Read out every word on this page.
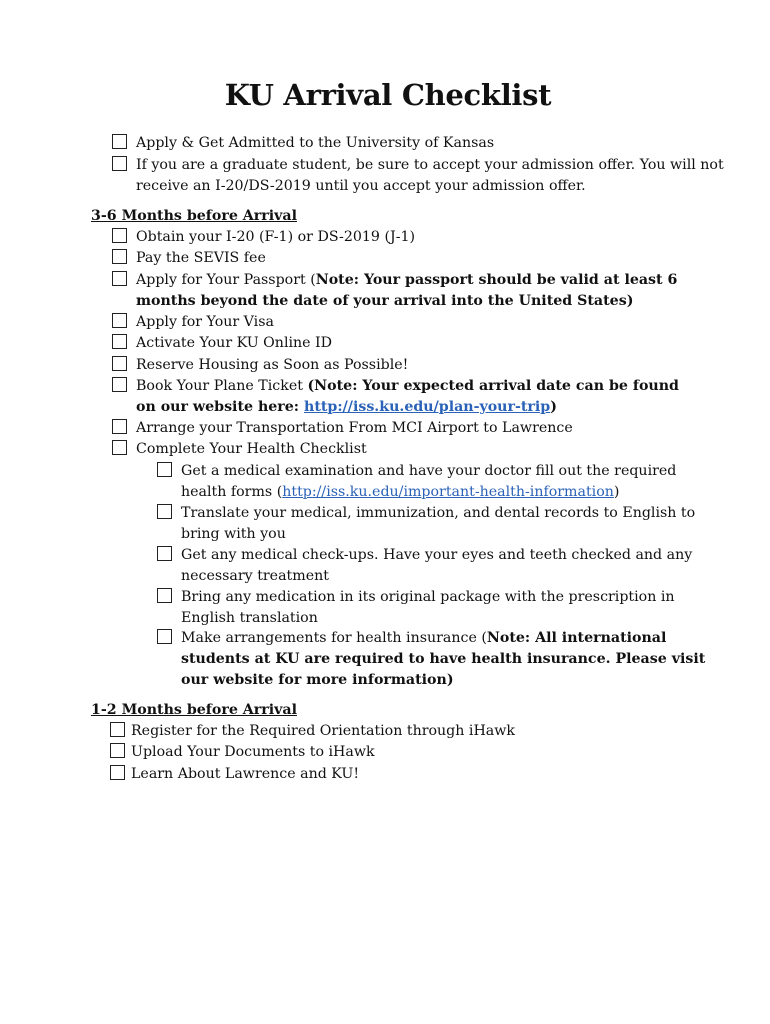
KU Arrival Checklist
Apply & Get Admitted to the University of Kansas
If you are a graduate student, be sure to accept your admission offer. You will not
receive an I-20/DS-2019 until you accept your admission offer.
3-6 Months before Arrival
Obtain your I-20 (F-1) or DS-2019 (J-1)
Pay the SEVIS fee
Apply for Your Passport (Note: Your passport should be valid at least 6
months beyond the date of your arrival into the United States)
Apply for Your Visa
Activate Your KU Online ID
Reserve Housing as Soon as Possible!
Book Your Plane Ticket (Note: Your expected arrival date can be found
on our website here: http://iss.ku.edu/plan-your-trip)
Arrange your Transportation From MCI Airport to Lawrence
Complete Your Health Checklist
Get a medical examination and have your doctor fill out the required
health forms (http://iss.ku.edu/important-health-information)
Translate your medical, immunization, and dental records to English to
bring with you
Get any medical check-ups. Have your eyes and teeth checked and any
necessary treatment
Bring any medication in its original package with the prescription in
English translation
Make arrangements for health insurance (Note: All international
students at KU are required to have health insurance. Please visit
our website for more information)
1-2 Months before Arrival
Register for the Required Orientation through iHawk
Upload Your Documents to iHawk
Learn About Lawrence and KU!
